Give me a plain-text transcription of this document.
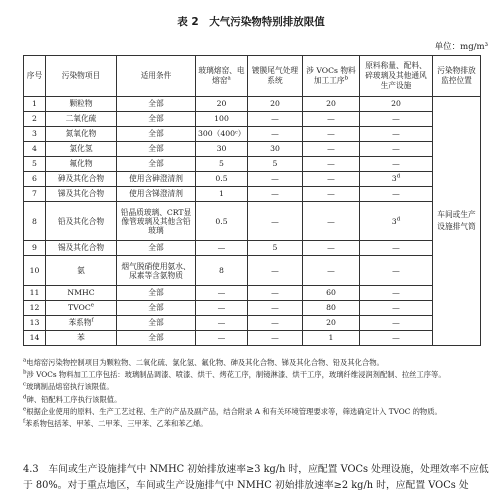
表 2　大气污染物特别排放限值
单位：mg/m³
序号	污染物项目	适用条件	玻璃熔窑、电熔窑$^a$	镀膜尾气处理系统	涉 VOCs 物料加工工序$^b$	原料称量、配料、碎玻璃及其他通风生产设施	污染物排放监控位置
1	颗粒物	全部	20	20	20	20	车间或生产设施排气筒
2	二氧化硫	全部	100	—	—	—	
3	氮氧化物	全部	300（400ᶜ）	—	—	—	
4	氯化氢	全部	30	30	—	—	
5	氟化物	全部	5	5	—	—	
6	砷及其化合物	使用含砷澄清剂	0.5	—	—	3$^d$
7	锑及其化合物	使用含锑澄清剂	1	—	—	—	
8	铅及其化合物	铅晶质玻璃、CRT显像管玻璃及其他含铅玻璃	0.5	—	—	3$^d$
9	锡及其化合物	全部	—	5	—	—	
10	氨	烟气脱硝使用氨水、尿素等含氨物质	8	—	—	—	
11	NMHC	全部	—	—	60	—	
12	TVOC$^e$	全部	—	—	80	—	
13	苯系物$^f$	全部	—	—	20	—	
14	苯	全部	—	—	1	—	

$^a$电熔窑污染物控制项目为颗粒物、二氧化硫、氯化氢、氟化物、砷及其化合物、锑及其化合物、铅及其化合物。

$^b$涉 VOCs 物料加工工序包括：玻璃制品调漆、喷漆、烘干、烤花工序，制镜淋漆、烘干工序，玻璃纤维浸润剂配制、拉丝工序等。

$^c$玻璃制品熔窑执行该限值。

$^d$砷、铅配料工序执行该限值。

$^e$根据企业使用的原料、生产工艺过程、生产的产品及副产品，结合附录 A 和有关环境管理要求等，筛选确定计入 TVOC 的物质。

$^f$苯系物包括苯、甲苯、二甲苯、三甲苯、乙苯和苯乙烯。

4.3　车间或生产设施排气中 NMHC 初始排放速率≥3 kg/h 时，应配置 VOCs 处理设施，处理效率不应低于 80%。对于重点地区，车间或生产设施排气中 NMHC 初始排放速率≥2 kg/h 时，应配置 VOCs 处
